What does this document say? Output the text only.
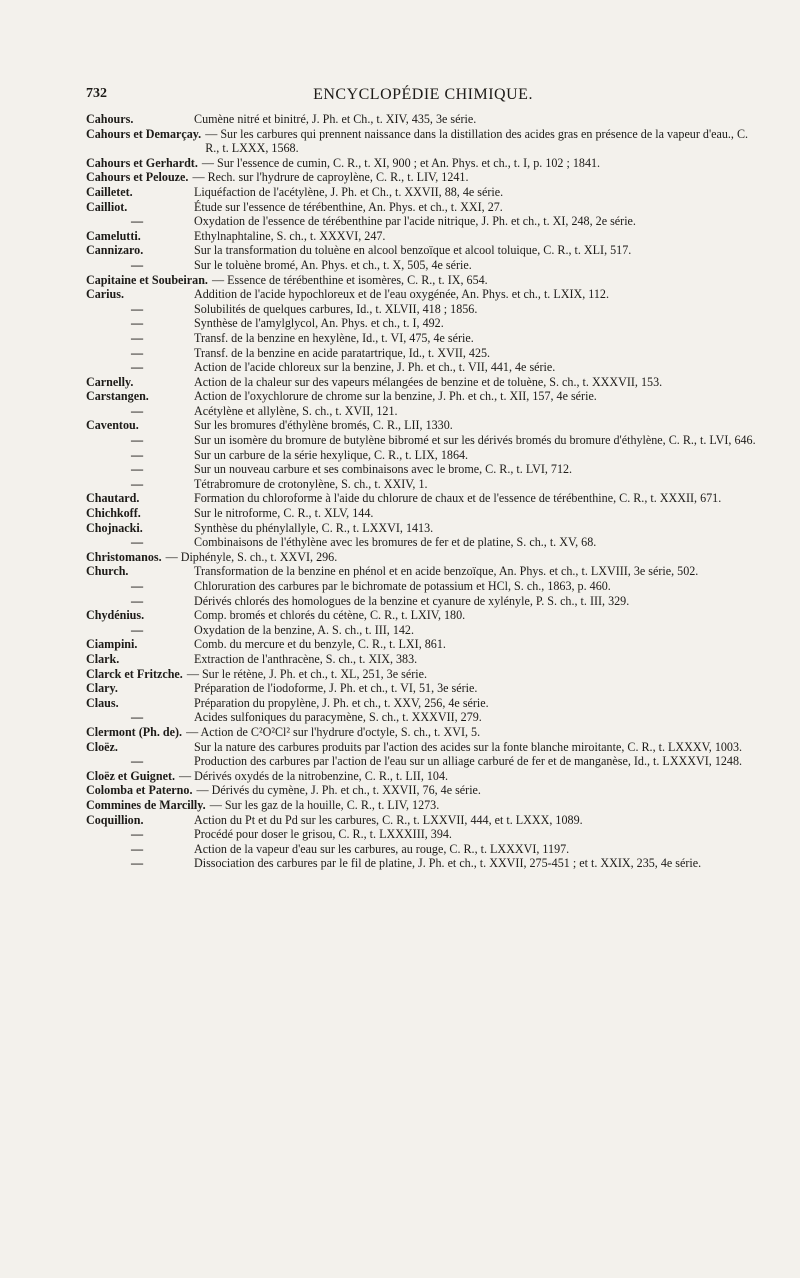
732	ENCYCLOPÉDIE CHIMIQUE.
Cahours.	Cumène nitré et binitré, J. Ph. et Ch., t. XIV, 435, 3e série.
Cahours et Demarçay. — Sur les carbures qui prennent naissance dans la distillation des acides gras en présence de la vapeur d'eau., C. R., t. LXXX, 1568.
Cahours et Gerhardt. — Sur l'essence de cumin, C. R., t. XI, 900 ; et An. Phys. et ch., t. I, p. 102 ; 1841.
Cahours et Pelouze. — Rech. sur l'hydrure de caproylène, C. R., t. LIV, 1241.
Cailletet.	Liquéfaction de l'acétylène, J. Ph. et Ch., t. XXVII, 88, 4e série.
Cailliot.	Étude sur l'essence de térébenthine, An. Phys. et ch., t. XXI, 27.
—	Oxydation de l'essence de térébenthine par l'acide nitrique, J. Ph. et ch., t. XI, 248, 2e série.
Camelutti.	Ethylnaphtaline, S. ch., t. XXXVI, 247.
Cannizaro.	Sur la transformation du toluène en alcool benzoïque et alcool toluique, C. R., t. XLI, 517.
—	Sur le toluène bromé, An. Phys. et ch., t. X, 505, 4e série.
Capitaine et Soubeiran. — Essence de térébenthine et isomères, C. R., t. IX, 654.
Carius.	Addition de l'acide hypochloreux et de l'eau oxygénée, An. Phys. et ch., t. LXIX, 112.
—	Solubilités de quelques carbures, Id., t. XLVII, 418 ; 1856.
—	Synthèse de l'amylglycol, An. Phys. et ch., t. I, 492.
—	Transf. de la benzine en hexylène, Id., t. VI, 475, 4e série.
—	Transf. de la benzine en acide paratartrique, Id., t. XVII, 425.
—	Action de l'acide chloreux sur la benzine, J. Ph. et ch., t. VII, 441, 4e série.
Carnelly.	Action de la chaleur sur des vapeurs mélangées de benzine et de toluène, S. ch., t. XXXVII, 153.
Carstangen.	Action de l'oxychlorure de chrome sur la benzine, J. Ph. et ch., t. XII, 157, 4e série.
—	Acétylène et allylène, S. ch., t. XVII, 121.
Caventou.	Sur les bromures d'éthylène bromés, C. R., LII, 1330.
—	Sur un isomère du bromure de butylène bibromé et sur les dérivés bromés du bromure d'éthylène, C. R., t. LVI, 646.
—	Sur un carbure de la série hexylique, C. R., t. LIX, 1864.
—	Sur un nouveau carbure et ses combinaisons avec le brome, C. R., t. LVI, 712.
—	Tétrabromure de crotonylène, S. ch., t. XXIV, 1.
Chautard.	Formation du chloroforme à l'aide du chlorure de chaux et de l'essence de térébenthine, C. R., t. XXXII, 671.
Chichkoff.	Sur le nitroforme, C. R., t. XLV, 144.
Chojnacki.	Synthèse du phénylallyle, C. R., t. LXXVI, 1413.
—	Combinaisons de l'éthylène avec les bromures de fer et de platine, S. ch., t. XV, 68.
Christomanos. — Diphényle, S. ch., t. XXVI, 296.
Church.	Transformation de la benzine en phénol et en acide benzoïque, An. Phys. et ch., t. LXVIII, 3e série, 502.
—	Chloruration des carbures par le bichromate de potassium et HCl, S. ch., 1863, p. 460.
—	Dérivés chlorés des homologues de la benzine et cyanure de xylényle, P. S. ch., t. III, 329.
Chydénius.	Comp. bromés et chlorés du cétène, C. R., t. LXIV, 180.
—	Oxydation de la benzine, A. S. ch., t. III, 142.
Ciampini.	Comb. du mercure et du benzyle, C. R., t. LXI, 861.
Clark.	Extraction de l'anthracène, S. ch., t. XIX, 383.
Clarck et Fritzche. — Sur le rétène, J. Ph. et ch., t. XL, 251, 3e série.
Clary.	Préparation de l'iodoforme, J. Ph. et ch., t. VI, 51, 3e série.
Claus.	Préparation du propylène, J. Ph. et ch., t. XXV, 256, 4e série.
—	Acides sulfoniques du paracymène, S. ch., t. XXXVII, 279.
Clermont (Ph. de). — Action de C²O²Cl² sur l'hydrure d'octyle, S. ch., t. XVI, 5.
Cloëz.	Sur la nature des carbures produits par l'action des acides sur la fonte blanche miroitante, C. R., t. LXXXV, 1003.
—	Production des carbures par l'action de l'eau sur un alliage carburé de fer et de manganèse, Id., t. LXXXVI, 1248.
Cloëz et Guignet. — Dérivés oxydés de la nitrobenzine, C. R., t. LII, 104.
Colomba et Paterno. — Dérivés du cymène, J. Ph. et ch., t. XXVII, 76, 4e série.
Commines de Marcilly. — Sur les gaz de la houille, C. R., t. LIV, 1273.
Coquillion.	Action du Pt et du Pd sur les carbures, C. R., t. LXXVII, 444, et t. LXXX, 1089.
—	Procédé pour doser le grisou, C. R., t. LXXXIII, 394.
—	Action de la vapeur d'eau sur les carbures, au rouge, C. R., t. LXXXVI, 1197.
—	Dissociation des carbures par le fil de platine, J. Ph. et ch., t. XXVII, 275-451 ; et t. XXIX, 235, 4e série.
